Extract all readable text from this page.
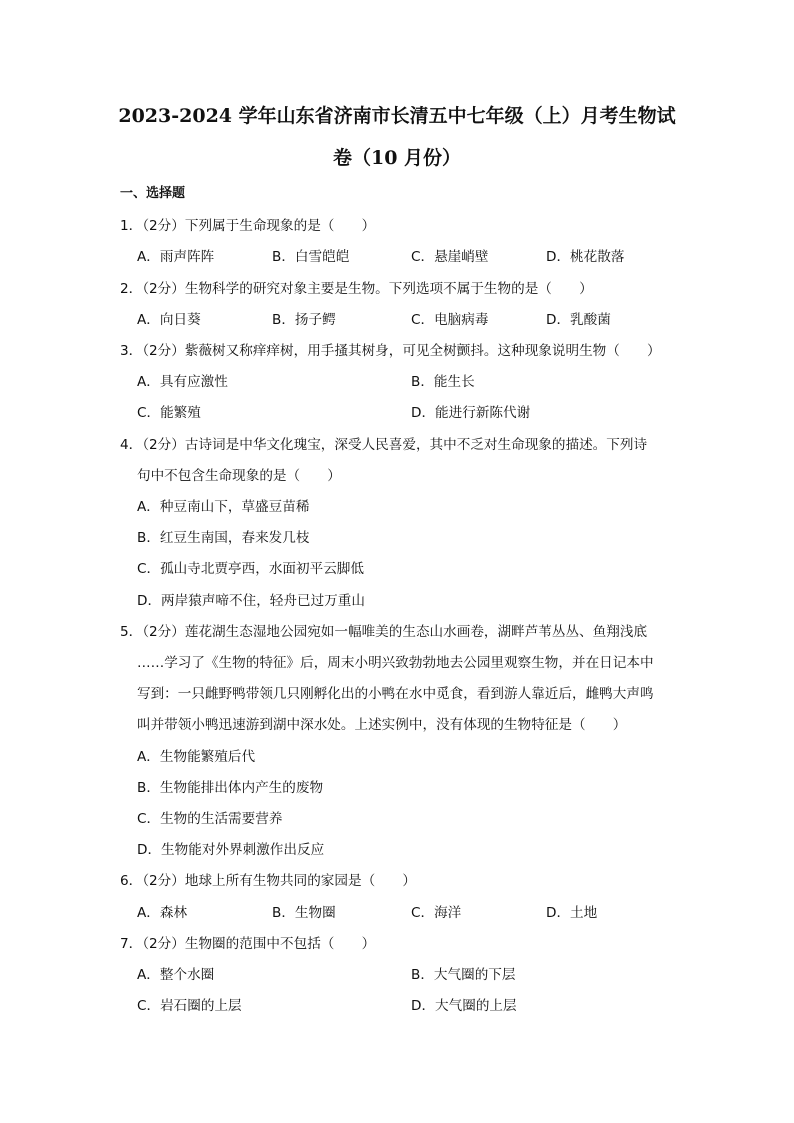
2023-2024 学年山东省济南市长清五中七年级（上）月考生物试
卷（10 月份）
一、选择题
1．（2分）下列属于生命现象的是（　　）
A．雨声阵阵	B．白雪皑皑	C．悬崖峭壁	D．桃花散落
2．（2分）生物科学的研究对象主要是生物。下列选项不属于生物的是（　　）
A．向日葵	B．扬子鳄	C．电脑病毒	D．乳酸菌
3．（2分）紫薇树又称痒痒树，用手搔其树身，可见全树颤抖。这种现象说明生物（　　）
A．具有应激性	B．能生长
C．能繁殖	D．能进行新陈代谢
4．（2分）古诗词是中华文化瑰宝，深受人民喜爱，其中不乏对生命现象的描述。下列诗
句中不包含生命现象的是（　　）
A．种豆南山下，草盛豆苗稀
B．红豆生南国，春来发几枝
C．孤山寺北贾亭西，水面初平云脚低
D．两岸猿声啼不住，轻舟已过万重山
5．（2分）莲花湖生态湿地公园宛如一幅唯美的生态山水画卷，湖畔芦苇丛丛、鱼翔浅底
……学习了《生物的特征》后，周末小明兴致勃勃地去公园里观察生物，并在日记本中
写到：一只雌野鸭带领几只刚孵化出的小鸭在水中觅食，看到游人靠近后，雌鸭大声鸣
叫并带领小鸭迅速游到湖中深水处。上述实例中，没有体现的生物特征是（　　）
A．生物能繁殖后代
B．生物能排出体内产生的废物
C．生物的生活需要营养
D．生物能对外界刺激作出反应
6．（2分）地球上所有生物共同的家园是（　　）
A．森林	B．生物圈	C．海洋	D．土地
7．（2分）生物圈的范围中不包括（　　）
A．整个水圈	B．大气圈的下层
C．岩石圈的上层	D．大气圈的上层
